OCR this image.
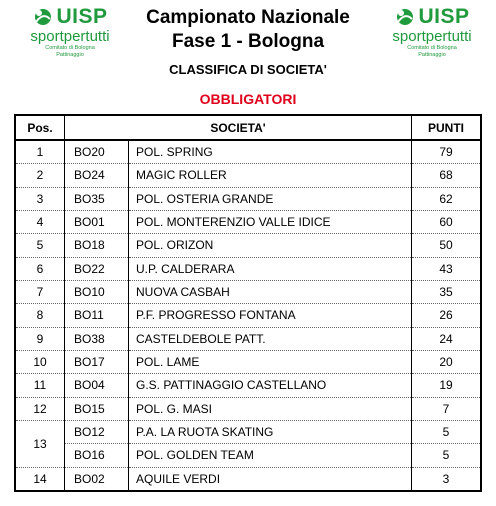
UISP
sportpertutti
Comitato di Bologna
Pattinaggio
UISP
sportpertutti
Comitato di Bologna
Pattinaggio
Campionato Nazionale
Fase 1 - Bologna
CLASSIFICA DI SOCIETA'
OBBLIGATORI
Pos.	SOCIETA'		PUNTI
1	BO20	POL. SPRING	79
2	BO24	MAGIC ROLLER	68
3	BO35	POL. OSTERIA GRANDE	62
4	BO01	POL. MONTERENZIO VALLE IDICE	60
5	BO18	POL. ORIZON	50
6	BO22	U.P. CALDERARA	43
7	BO10	NUOVA CASBAH	35
8	BO11	P.F. PROGRESSO FONTANA	26
9	BO38	CASTELDEBOLE PATT.	24
10	BO17	POL. LAME	20
11	BO04	G.S. PATTINAGGIO CASTELLANO	19
12	BO15	POL. G. MASI	7
13	BO12	P.A. LA RUOTA SKATING	5
	BO16	POL. GOLDEN TEAM	5
14	BO02	AQUILE VERDI	3
